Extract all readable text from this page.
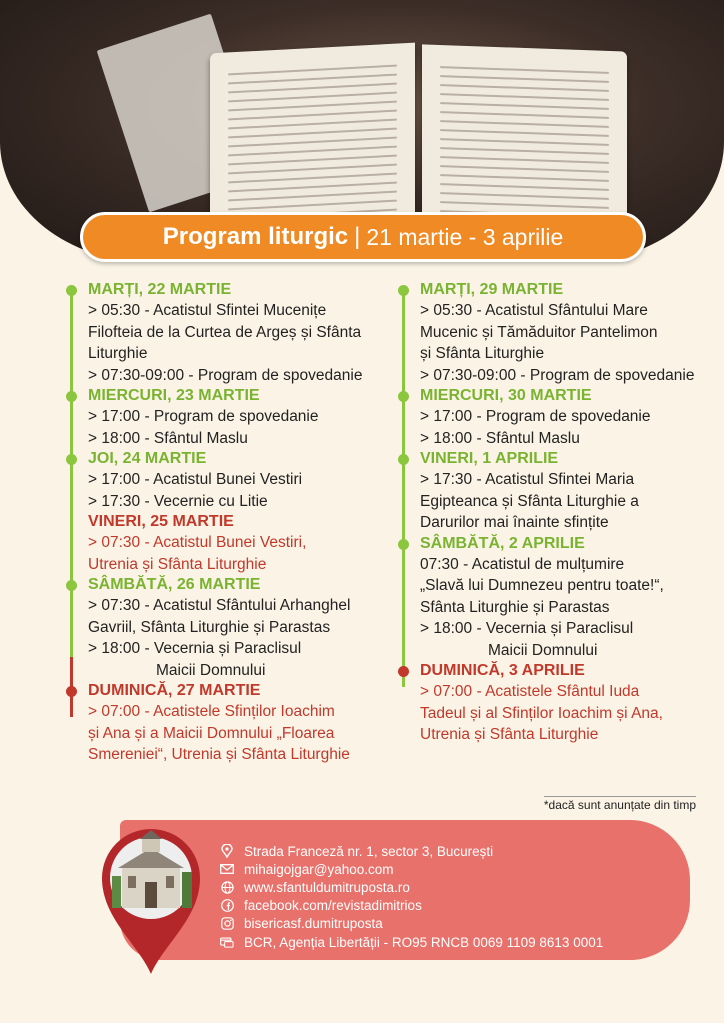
Program liturgic | 21 martie - 3 aprilie
MARȚI, 22 MARTIE
> 05:30 - Acatistul Sfintei Mucenițe
Filofteia de la Curtea de Argeș și Sfânta
Liturghie
> 07:30-09:00 - Program de spovedanie
MIERCURI, 23 MARTIE
> 17:00 - Program de spovedanie
> 18:00 - Sfântul Maslu
JOI, 24 MARTIE
> 17:00 - Acatistul Bunei Vestiri
> 17:30 - Vecernie cu Litie
VINERI, 25 MARTIE
> 07:30 - Acatistul Bunei Vestiri,
Utrenia și Sfânta Liturghie
SÂMBĂTĂ, 26 MARTIE
> 07:30 - Acatistul Sfântului Arhanghel
Gavriil, Sfânta Liturghie și Parastas
> 18:00 - Vecernia și Paraclisul
Maicii Domnului
DUMINICĂ, 27 MARTIE
> 07:00 - Acatistele Sfinților Ioachim
și Ana și a Maicii Domnului „Floarea
Smereniei“, Utrenia și Sfânta Liturghie
MARȚI, 29 MARTIE
> 05:30 - Acatistul Sfântului Mare
Mucenic și Tămăduitor Pantelimon
și Sfânta Liturghie
> 07:30-09:00 - Program de spovedanie
MIERCURI, 30 MARTIE
> 17:00 - Program de spovedanie
> 18:00 - Sfântul Maslu
VINERI, 1 APRILIE
> 17:30 - Acatistul Sfintei Maria
Egipteanca și Sfânta Liturghie a
Darurilor mai înainte sfințite
SÂMBĂTĂ, 2 APRILIE
07:30 - Acatistul de mulțumire
„Slavă lui Dumnezeu pentru toate!“,
Sfânta Liturghie și Parastas
> 18:00 - Vecernia și Paraclisul
Maicii Domnului
DUMINICĂ, 3 APRILIE
> 07:00 - Acatistele Sfântul Iuda
Tadeul și al Sfinților Ioachim și Ana,
Utrenia și Sfânta Liturghie
*dacă sunt anunțate din timp
Strada Franceză nr. 1, sector 3, București
mihaigojgar@yahoo.com
www.sfantuldumitruposta.ro
facebook.com/revistadimitrios
bisericasf.dumitruposta
BCR, Agenția Libertății - RO95 RNCB 0069 1109 8613 0001
